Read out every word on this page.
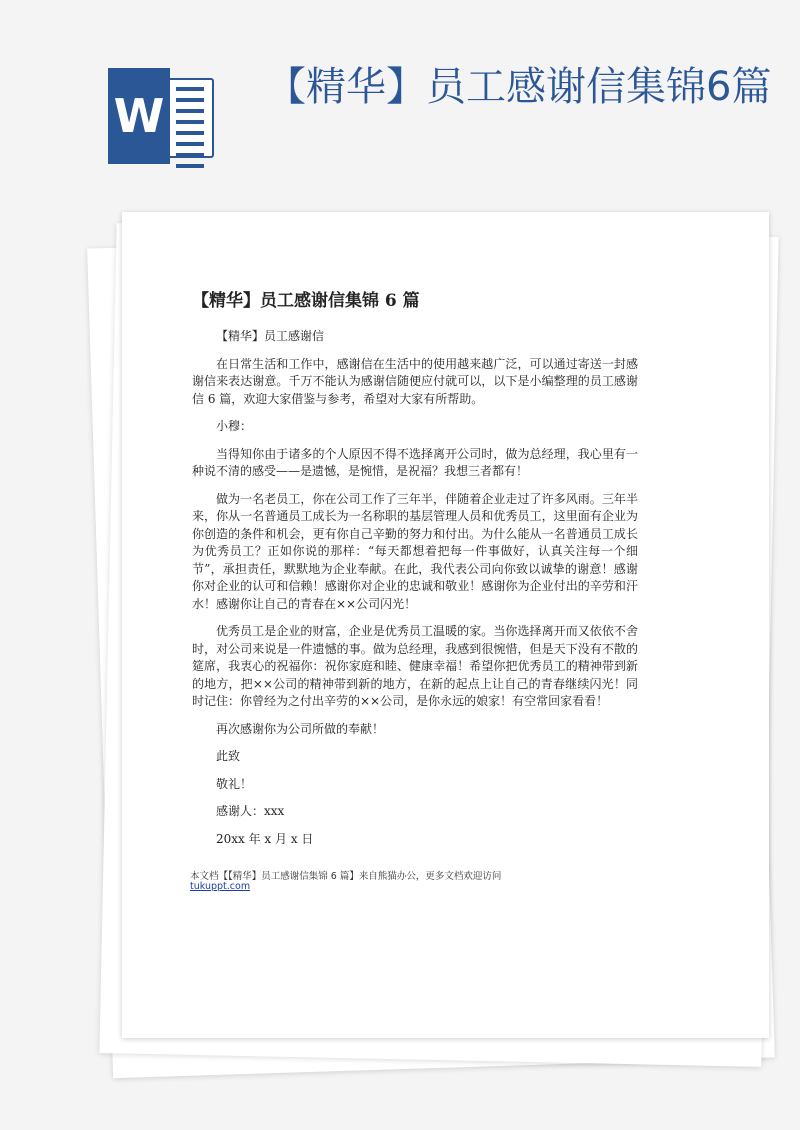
W
【精华】员工感谢信集锦6篇
【精华】员工感谢信集锦 6 篇

【精华】员工感谢信

在日常生活和工作中，感谢信在生活中的使用越来越广泛，可以通过寄送一封感谢信来表达谢意。千万不能认为感谢信随便应付就可以，以下是小编整理的员工感谢信 6 篇，欢迎大家借鉴与参考，希望对大家有所帮助。

小穆：

当得知你由于诸多的个人原因不得不选择离开公司时，做为总经理，我心里有一种说不清的感受——是遗憾，是惋惜，是祝福？我想三者都有！

做为一名老员工，你在公司工作了三年半，伴随着企业走过了许多风雨。三年半来，你从一名普通员工成长为一名称职的基层管理人员和优秀员工，这里面有企业为你创造的条件和机会，更有你自己辛勤的努力和付出。为什么能从一名普通员工成长为优秀员工？正如你说的那样：“每天都想着把每一件事做好，认真关注每一个细节”，承担责任，默默地为企业奉献。在此，我代表公司向你致以诚挚的谢意！感谢你对企业的认可和信赖！感谢你对企业的忠诚和敬业！感谢你为企业付出的辛劳和汗水！感谢你让自己的青春在××公司闪光！

优秀员工是企业的财富，企业是优秀员工温暖的家。当你选择离开而又依依不舍时，对公司来说是一件遗憾的事。做为总经理，我感到很惋惜，但是天下没有不散的筵席，我衷心的祝福你：祝你家庭和睦、健康幸福！希望你把优秀员工的精神带到新的地方，把××公司的精神带到新的地方，在新的起点上让自己的青春继续闪光！同时记住：你曾经为之付出辛劳的××公司，是你永远的娘家！有空常回家看看！

再次感谢你为公司所做的奉献！

此致

敬礼！

感谢人：xxx

20xx 年 x 月 x 日

本文档【【精华】员工感谢信集锦 6 篇】来自熊猫办公，更多文档欢迎访问
tukuppt.com
